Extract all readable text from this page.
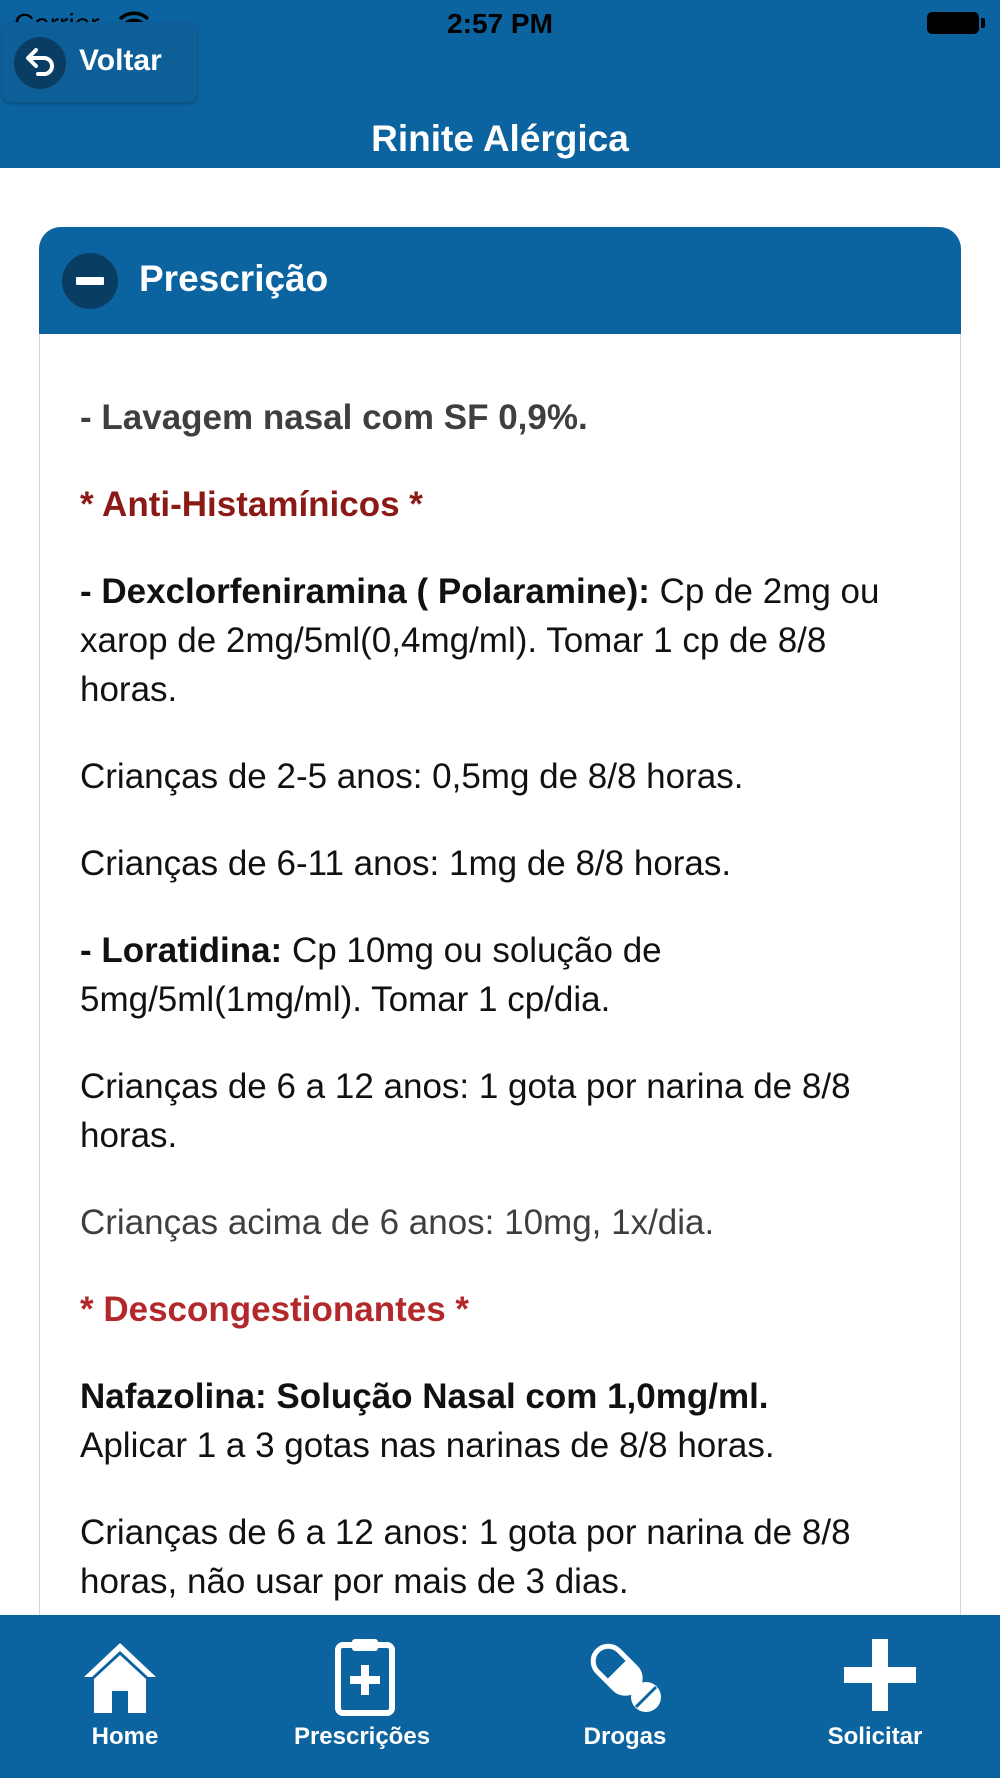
2:57 PM
Voltar
Rinite Alérgica
Prescrição

- Lavagem nasal com SF 0,9%.

* Anti-Histamínicos *

- Dexclorfeniramina ( Polaramine): Cp de 2mg ou xarop de 2mg/5ml(0,4mg/ml). Tomar 1 cp de 8/8 horas.

Crianças de 2-5 anos: 0,5mg de 8/8 horas.

Crianças de 6-11 anos: 1mg de 8/8 horas.

- Loratidina: Cp 10mg ou solução de 5mg/5ml(1mg/ml). Tomar 1 cp/dia.

Crianças de 6 a 12 anos: 1 gota por narina de 8/8 horas.

Crianças acima de 6 anos: 10mg, 1x/dia.

* Descongestionantes *

Nafazolina: Solução Nasal com 1,0mg/ml.
Aplicar 1 a 3 gotas nas narinas de 8/8 horas.

Crianças de 6 a 12 anos: 1 gota por narina de 8/8 horas, não usar por mais de 3 dias.

Home	Prescrições	Drogas	Solicitar
